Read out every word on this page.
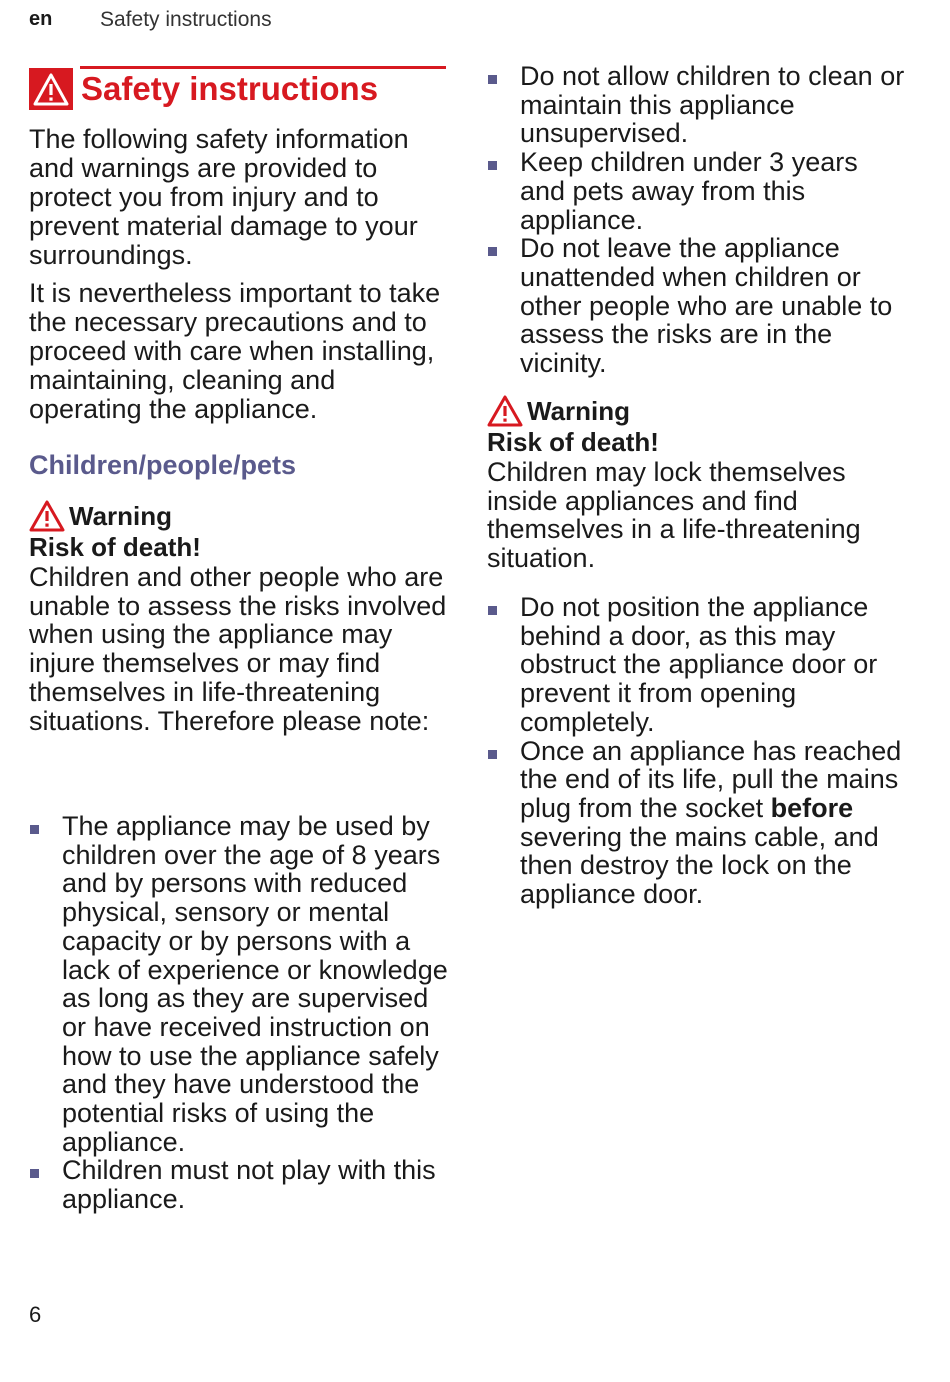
en Safety instructions
Safety instructions

The following safety information and warnings are provided to protect you from injury and to prevent material damage to your surroundings.

It is nevertheless important to take the necessary precautions and to proceed with care when installing, maintaining, cleaning and operating the appliance.

Children/people/pets
Warning
Risk of death!

Children and other people who are unable to assess the risks involved when using the appliance may injure themselves or may find themselves in life-threatening situations. Therefore please note:

The appliance may be used by children over the age of 8 years and by persons with reduced physical, sensory or mental capacity or by persons with a lack of experience or knowledge as long as they are supervised or have received instruction on how to use the appliance safely and they have understood the potential risks of using the appliance.
Children must not play with this appliance.
Do not allow children to clean or maintain this appliance unsupervised.
Keep children under 3 years and pets away from this appliance.
Do not leave the appliance unattended when children or other people who are unable to assess the risks are in the vicinity.
Warning
Risk of death!

Children may lock themselves inside appliances and find themselves in a life-threatening situation.

Do not position the appliance behind a door, as this may obstruct the appliance door or prevent it from opening completely.
Once an appliance has reached the end of its life, pull the mains plug from the socket before severing the mains cable, and then destroy the lock on the appliance door.
6
